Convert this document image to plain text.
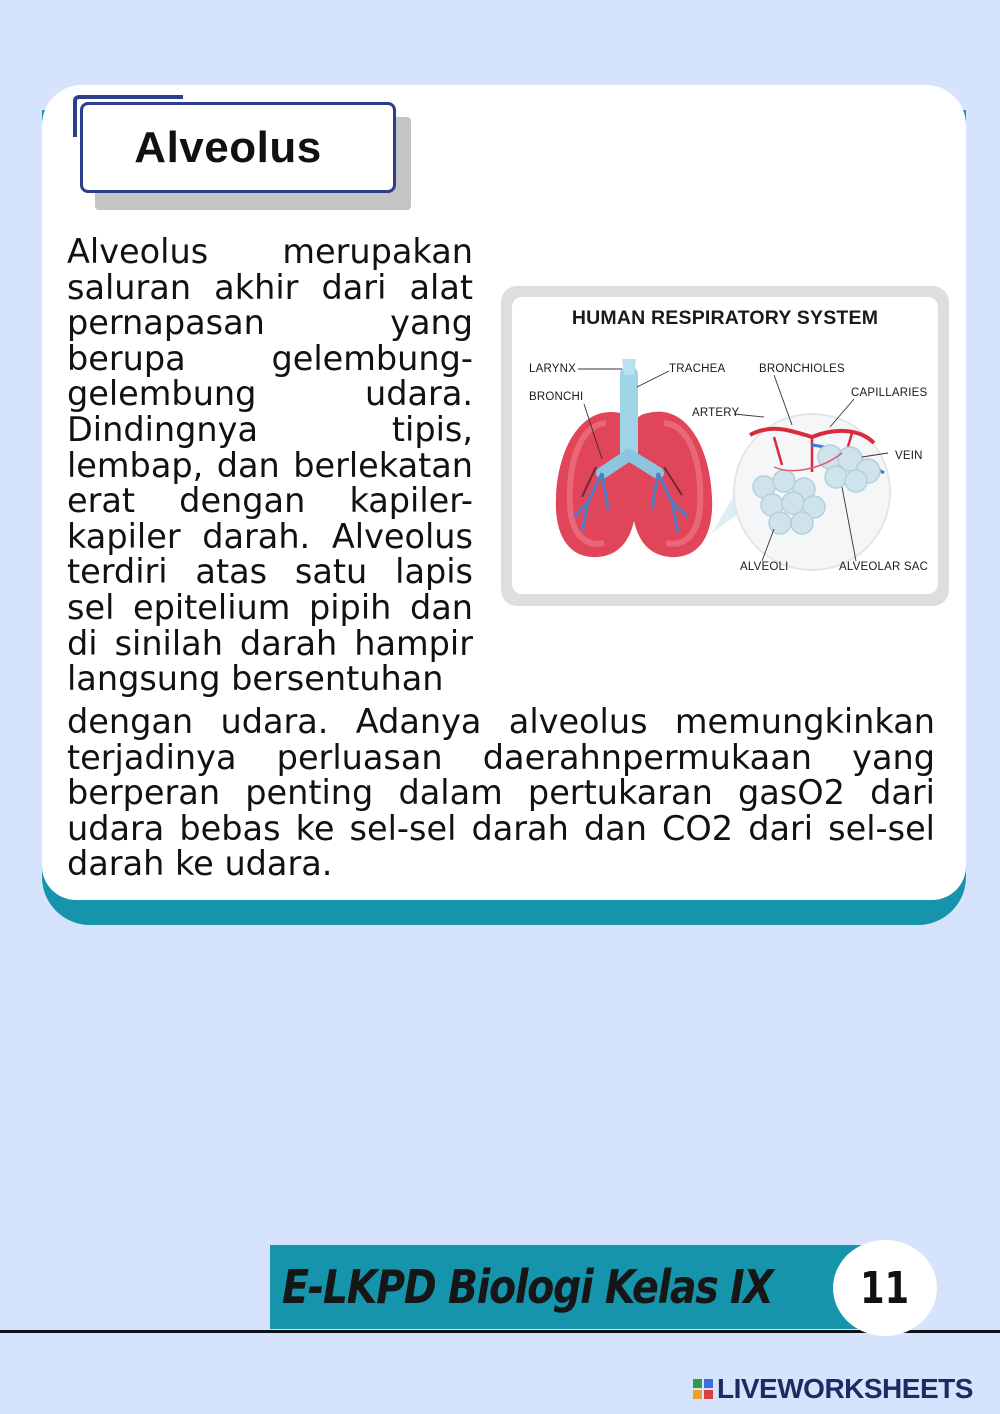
Alveolus
Alveolus merupakan saluran akhir dari alat pernapasan yang berupa gelembung-gelembung udara. Dindingnya tipis, lembap, dan berlekatan erat dengan kapiler-kapiler darah. Alveolus terdiri atas satu lapis sel epitelium pipih dan di sinilah darah hampir langsung bersentuhan
dengan udara. Adanya alveolus memungkinkan terjadinya perluasan daerahnpermukaan yang berperan penting dalam pertukaran gasO2 dari udara bebas ke sel-sel darah dan CO2 dari sel-sel darah ke udara.
HUMAN RESPIRATORY SYSTEM
LARYNX	TRACHEA	BRONCHIOLES
BRONCHI	CAPILLARIES
ARTERY
VEIN
ALVEOLI	ALVEOLAR SAC
E-LKPD Biologi Kelas IX 11
LIVEWORKSHEETS
